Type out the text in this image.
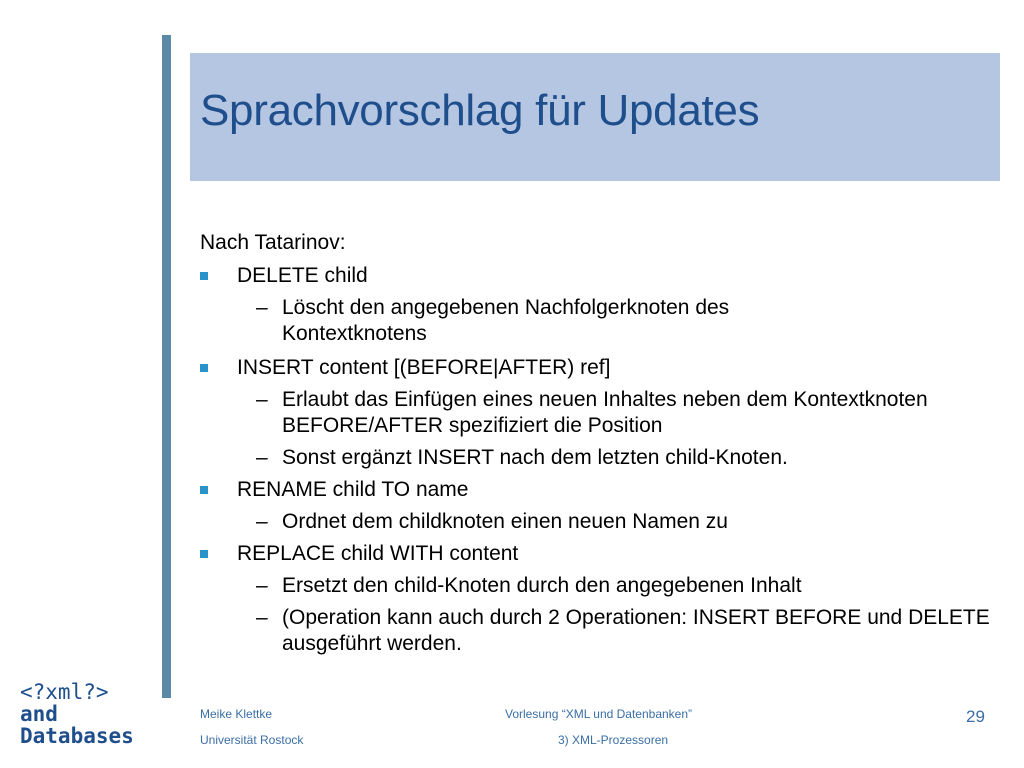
Sprachvorschlag für Updates
Nach Tatarinov:
DELETE child
– Löscht den angegebenen Nachfolgerknoten des Kontextknotens
INSERT content [(BEFORE|AFTER) ref]
– Erlaubt das Einfügen eines neuen Inhaltes neben dem Kontextknoten BEFORE/AFTER spezifiziert die Position
– Sonst ergänzt INSERT nach dem letzten child-Knoten.
RENAME child TO name
– Ordnet dem childknoten einen neuen Namen zu
REPLACE child WITH content
– Ersetzt den child-Knoten durch den angegebenen Inhalt
– (Operation kann auch durch 2 Operationen: INSERT BEFORE und DELETE ausgeführt werden.
<?xml?>
and
Databases
Meike Klettke
Universität Rostock
Vorlesung “XML und Datenbanken”
3) XML-Prozessoren
29
